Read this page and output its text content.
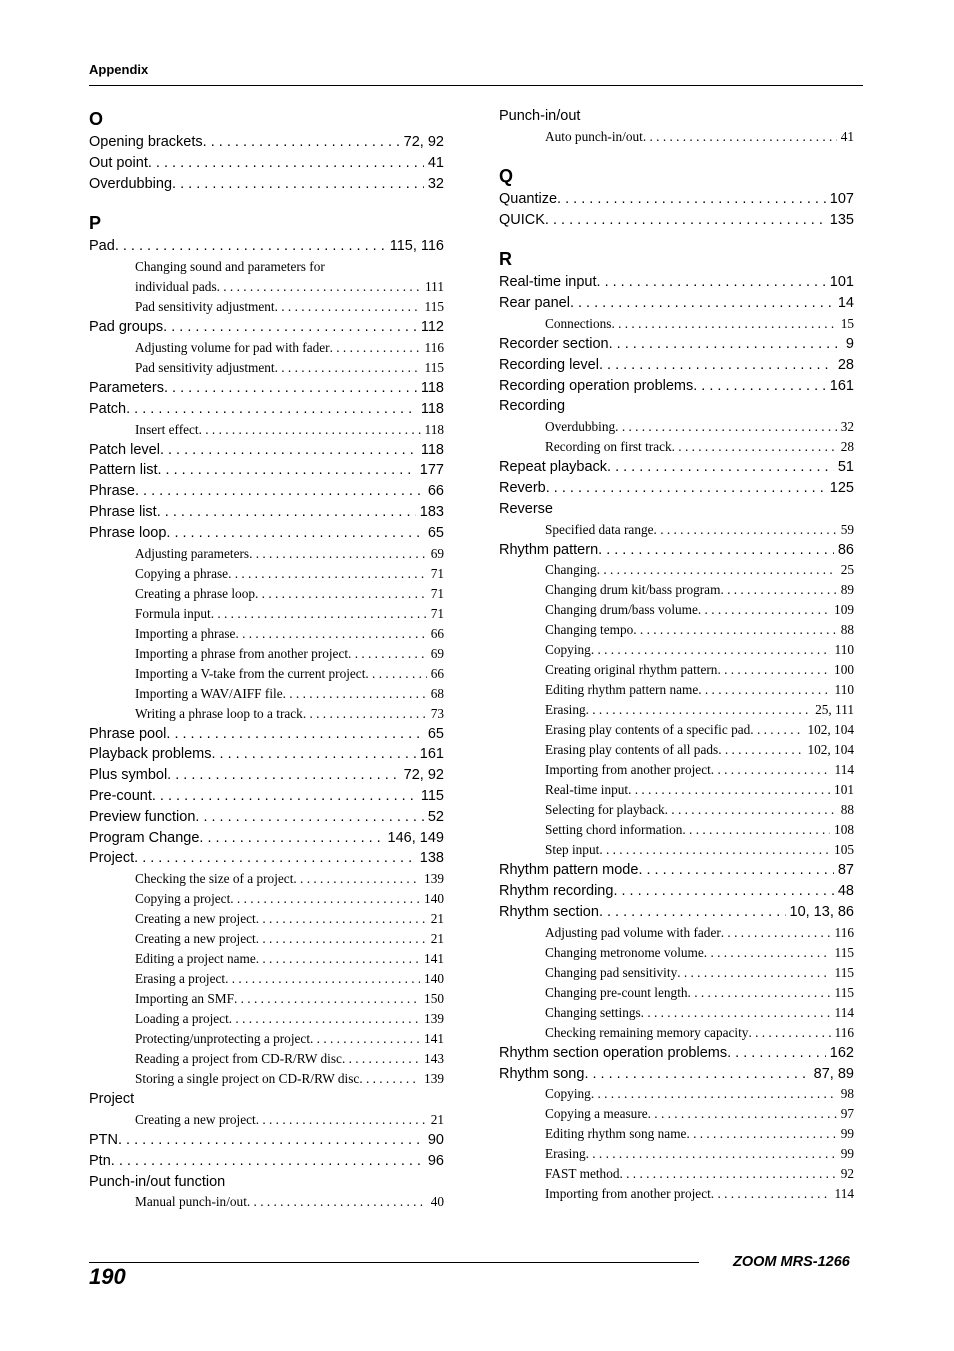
Appendix
O
Opening brackets . . .	72, 92
Out point . . .	41
Overdubbing . . .	32
P
Pad . . .	115, 116
Changing sound and parameters for
individual pads . . .	111
Pad sensitivity adjustment . . .	115
Pad groups . . .	112
Adjusting volume for pad with fader . . .	116
Pad sensitivity adjustment . . .	115
Parameters . . .	118
Patch . . .	118
Insert effect . . .	118
Patch level . . .	118
Pattern list . . .	177
Phrase . . .	66
Phrase list . . .	183
Phrase loop . . .	65
Adjusting parameters . . .	69
Copying a phrase . . .	71
Creating a phrase loop . . .	71
Formula input . . .	71
Importing a phrase . . .	66
Importing a phrase from another project . . .	69
Importing a V-take from the current project . . .	66
Importing a WAV/AIFF file . . .	68
Writing a phrase loop to a track . . .	73
Phrase pool . . .	65
Playback problems . . .	161
Plus symbol . . .	72, 92
Pre-count . . .	115
Preview function . . .	52
Program Change . . .	146, 149
Project . . .	138
Checking the size of a project . . .	139
Copying a project . . .	140
Creating a new project . . .	21
Creating a new project . . .	21
Editing a project name . . .	141
Erasing a project . . .	140
Importing an SMF . . .	150
Loading a project . . .	139
Protecting/unprotecting a project . . .	141
Reading a project from CD-R/RW disc . . .	143
Storing a single project on CD-R/RW disc . . .	139
Project
Creating a new project . . .	21
PTN . . .	90
Ptn . . .	96
Punch-in/out function
Manual punch-in/out . . .	40
Punch-in/out
Auto punch-in/out . . .	41
Q
Quantize . . .	107
QUICK . . .	135
R
Real-time input . . .	101
Rear panel . . .	14
Connections . . .	15
Recorder section . . .	9
Recording level . . .	28
Recording operation problems . . .	161
Recording
Overdubbing . . .	32
Recording on first track . . .	28
Repeat playback . . .	51
Reverb . . .	125
Reverse
Specified data range . . .	59
Rhythm pattern . . .	86
Changing . . .	25
Changing drum kit/bass program . . .	89
Changing drum/bass volume . . .	109
Changing tempo . . .	88
Copying . . .	110
Creating original rhythm pattern . . .	100
Editing rhythm pattern name . . .	110
Erasing . . .	25, 111
Erasing play contents of a specific pad . . .	102, 104
Erasing play contents of all pads . . .	102, 104
Importing from another project . . .	114
Real-time input . . .	101
Selecting for playback . . .	88
Setting chord information . . .	108
Step input . . .	105
Rhythm pattern mode . . .	87
Rhythm recording . . .	48
Rhythm section . . .	10, 13, 86
Adjusting pad volume with fader . . .	116
Changing metronome volume . . .	115
Changing pad sensitivity . . .	115
Changing pre-count length . . .	115
Changing settings . . .	114
Checking remaining memory capacity . . .	116
Rhythm section operation problems . . .	162
Rhythm song . . .	87, 89
Copying . . .	98
Copying a measure . . .	97
Editing rhythm song name . . .	99
Erasing . . .	99
FAST method . . .	92
Importing from another project . . .	114
190
ZOOM MRS-1266
